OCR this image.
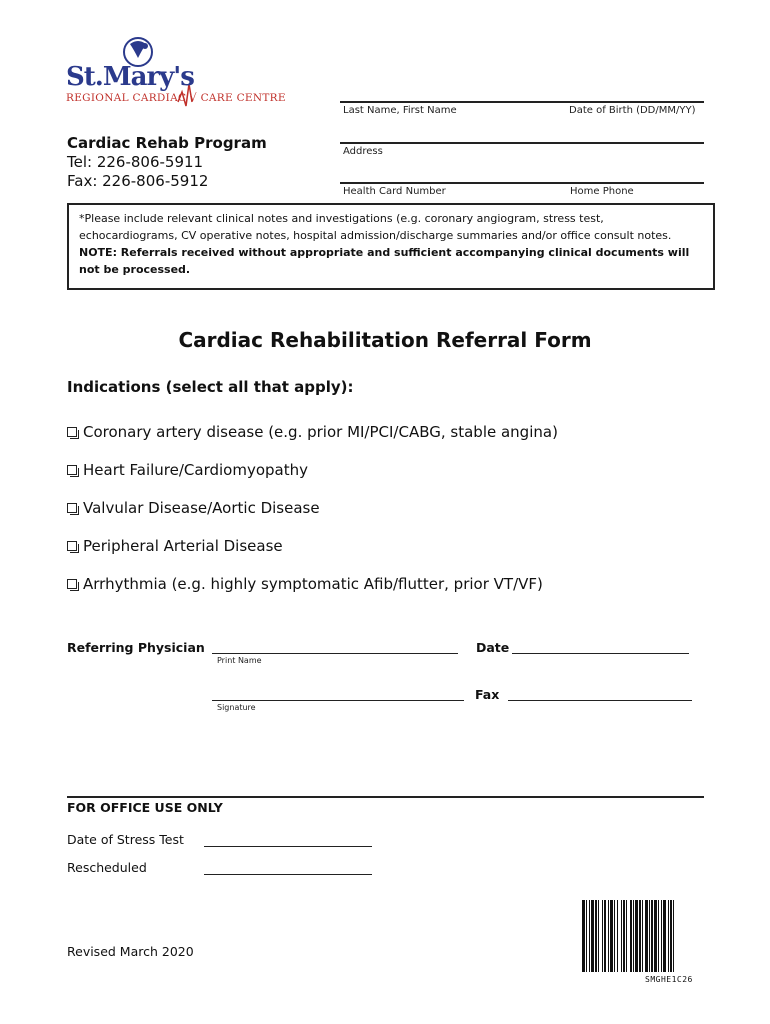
St.Mary's
REGIONAL CARDIAC √ CARE CENTRE
Cardiac Rehab Program
Tel: 226-806-5911
Fax: 226-806-5912
Last Name, First Name	Date of Birth (DD/MM/YY)
Address
Health Card Number	Home Phone
*Please include relevant clinical notes and investigations (e.g. coronary angiogram, stress test, echocardiograms, CV operative notes, hospital admission/discharge summaries and/or office consult notes.
NOTE: Referrals received without appropriate and sufficient accompanying clinical documents will not be processed.
Cardiac Rehabilitation Referral Form
Indications (select all that apply):
Coronary artery disease (e.g. prior MI/PCI/CABG, stable angina)
Heart Failure/Cardiomyopathy
Valvular Disease/Aortic Disease
Peripheral Arterial Disease
Arrhythmia (e.g. highly symptomatic Afib/flutter, prior VT/VF)
Referring Physician
Print Name
Date
Signature
Fax
FOR OFFICE USE ONLY
Date of Stress Test
Rescheduled
Revised March 2020
SMGHE1C26
